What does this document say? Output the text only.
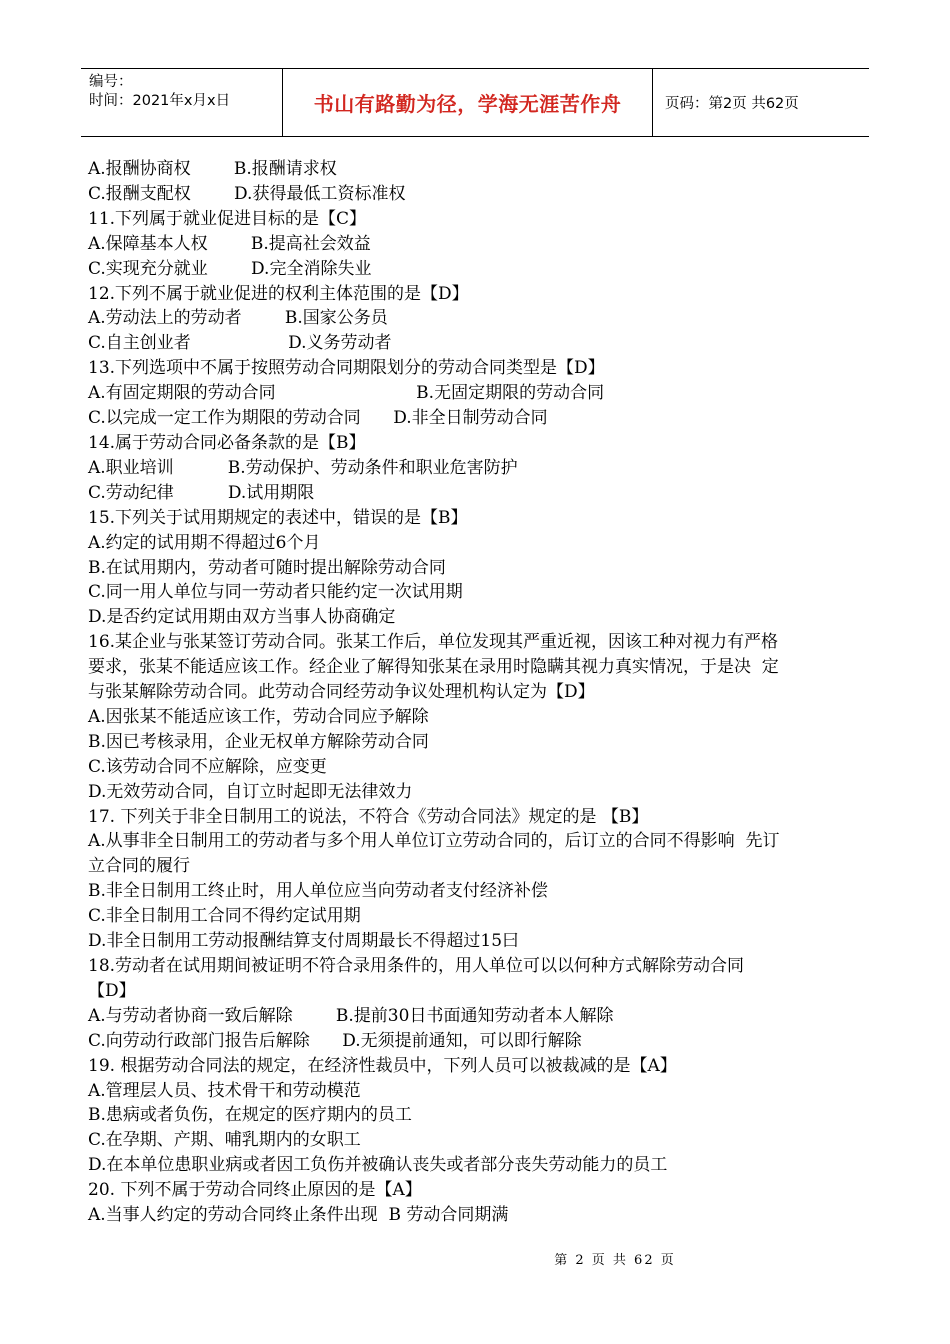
编号：
时间：2021年x月x日	书山有路勤为径，学海无涯苦作舟	页码：第2页 共62页

A.报酬协商权        B.报酬请求权

C.报酬支配权        D.获得最低工资标准权

11.下列属于就业促进目标的是【C】

A.保障基本人权        B.提高社会效益

C.实现充分就业        D.完全消除失业

12.下列不属于就业促进的权利主体范围的是【D】

A.劳动法上的劳动者        B.国家公务员

C.自主创业者                  D.义务劳动者

13.下列选项中不属于按照劳动合同期限划分的劳动合同类型是【D】

A.有固定期限的劳动合同                          B.无固定期限的劳动合同

C.以完成一定工作为期限的劳动合同      D.非全日制劳动合同

14.属于劳动合同必备条款的是【B】

A.职业培训          B.劳动保护、劳动条件和职业危害防护

C.劳动纪律          D.试用期限

15.下列关于试用期规定的表述中，错误的是【B】

A.约定的试用期不得超过6个月

B.在试用期内，劳动者可随时提出解除劳动合同

C.同一用人单位与同一劳动者只能约定一次试用期

D.是否约定试用期由双方当事人协商确定

16.某企业与张某签订劳动合同。张某工作后，单位发现其严重近视，因该工种对视力有严格

要求，张某不能适应该工作。经企业了解得知张某在录用时隐瞒其视力真实情况，于是决  定

与张某解除劳动合同。此劳动合同经劳动争议处理机构认定为【D】

A.因张某不能适应该工作，劳动合同应予解除

B.因已考核录用，企业无权单方解除劳动合同

C.该劳动合同不应解除，应变更

D.无效劳动合同，自订立时起即无法律效力

17. 下列关于非全日制用工的说法，不符合《劳动合同法》规定的是 【B】

A.从事非全日制用工的劳动者与多个用人单位订立劳动合同的，后订立的合同不得影响  先订

立合同的履行

B.非全日制用工终止时，用人单位应当向劳动者支付经济补偿

C.非全日制用工合同不得约定试用期

D.非全日制用工劳动报酬结算支付周期最长不得超过15曰

18.劳动者在试用期间被证明不符合录用条件的，用人单位可以以何种方式解除劳动合同

【D】

A.与劳动者协商一致后解除        B.提前30日书面通知劳动者本人解除

C.向劳动行政部门报告后解除      D.无须提前通知，可以即行解除

19. 根据劳动合同法的规定，在经济性裁员中，下列人员可以被裁减的是【A】

A.管理层人员、技术骨干和劳动模范

B.患病或者负伤，在规定的医疗期内的员工

C.在孕期、产期、哺乳期内的女职工

D.在本单位患职业病或者因工负伤并被确认丧失或者部分丧失劳动能力的员工

20. 下列不属于劳动合同终止原因的是【A】

A.当事人约定的劳动合同终止条件出现  B 劳动合同期满

第 2 页 共 62 页
